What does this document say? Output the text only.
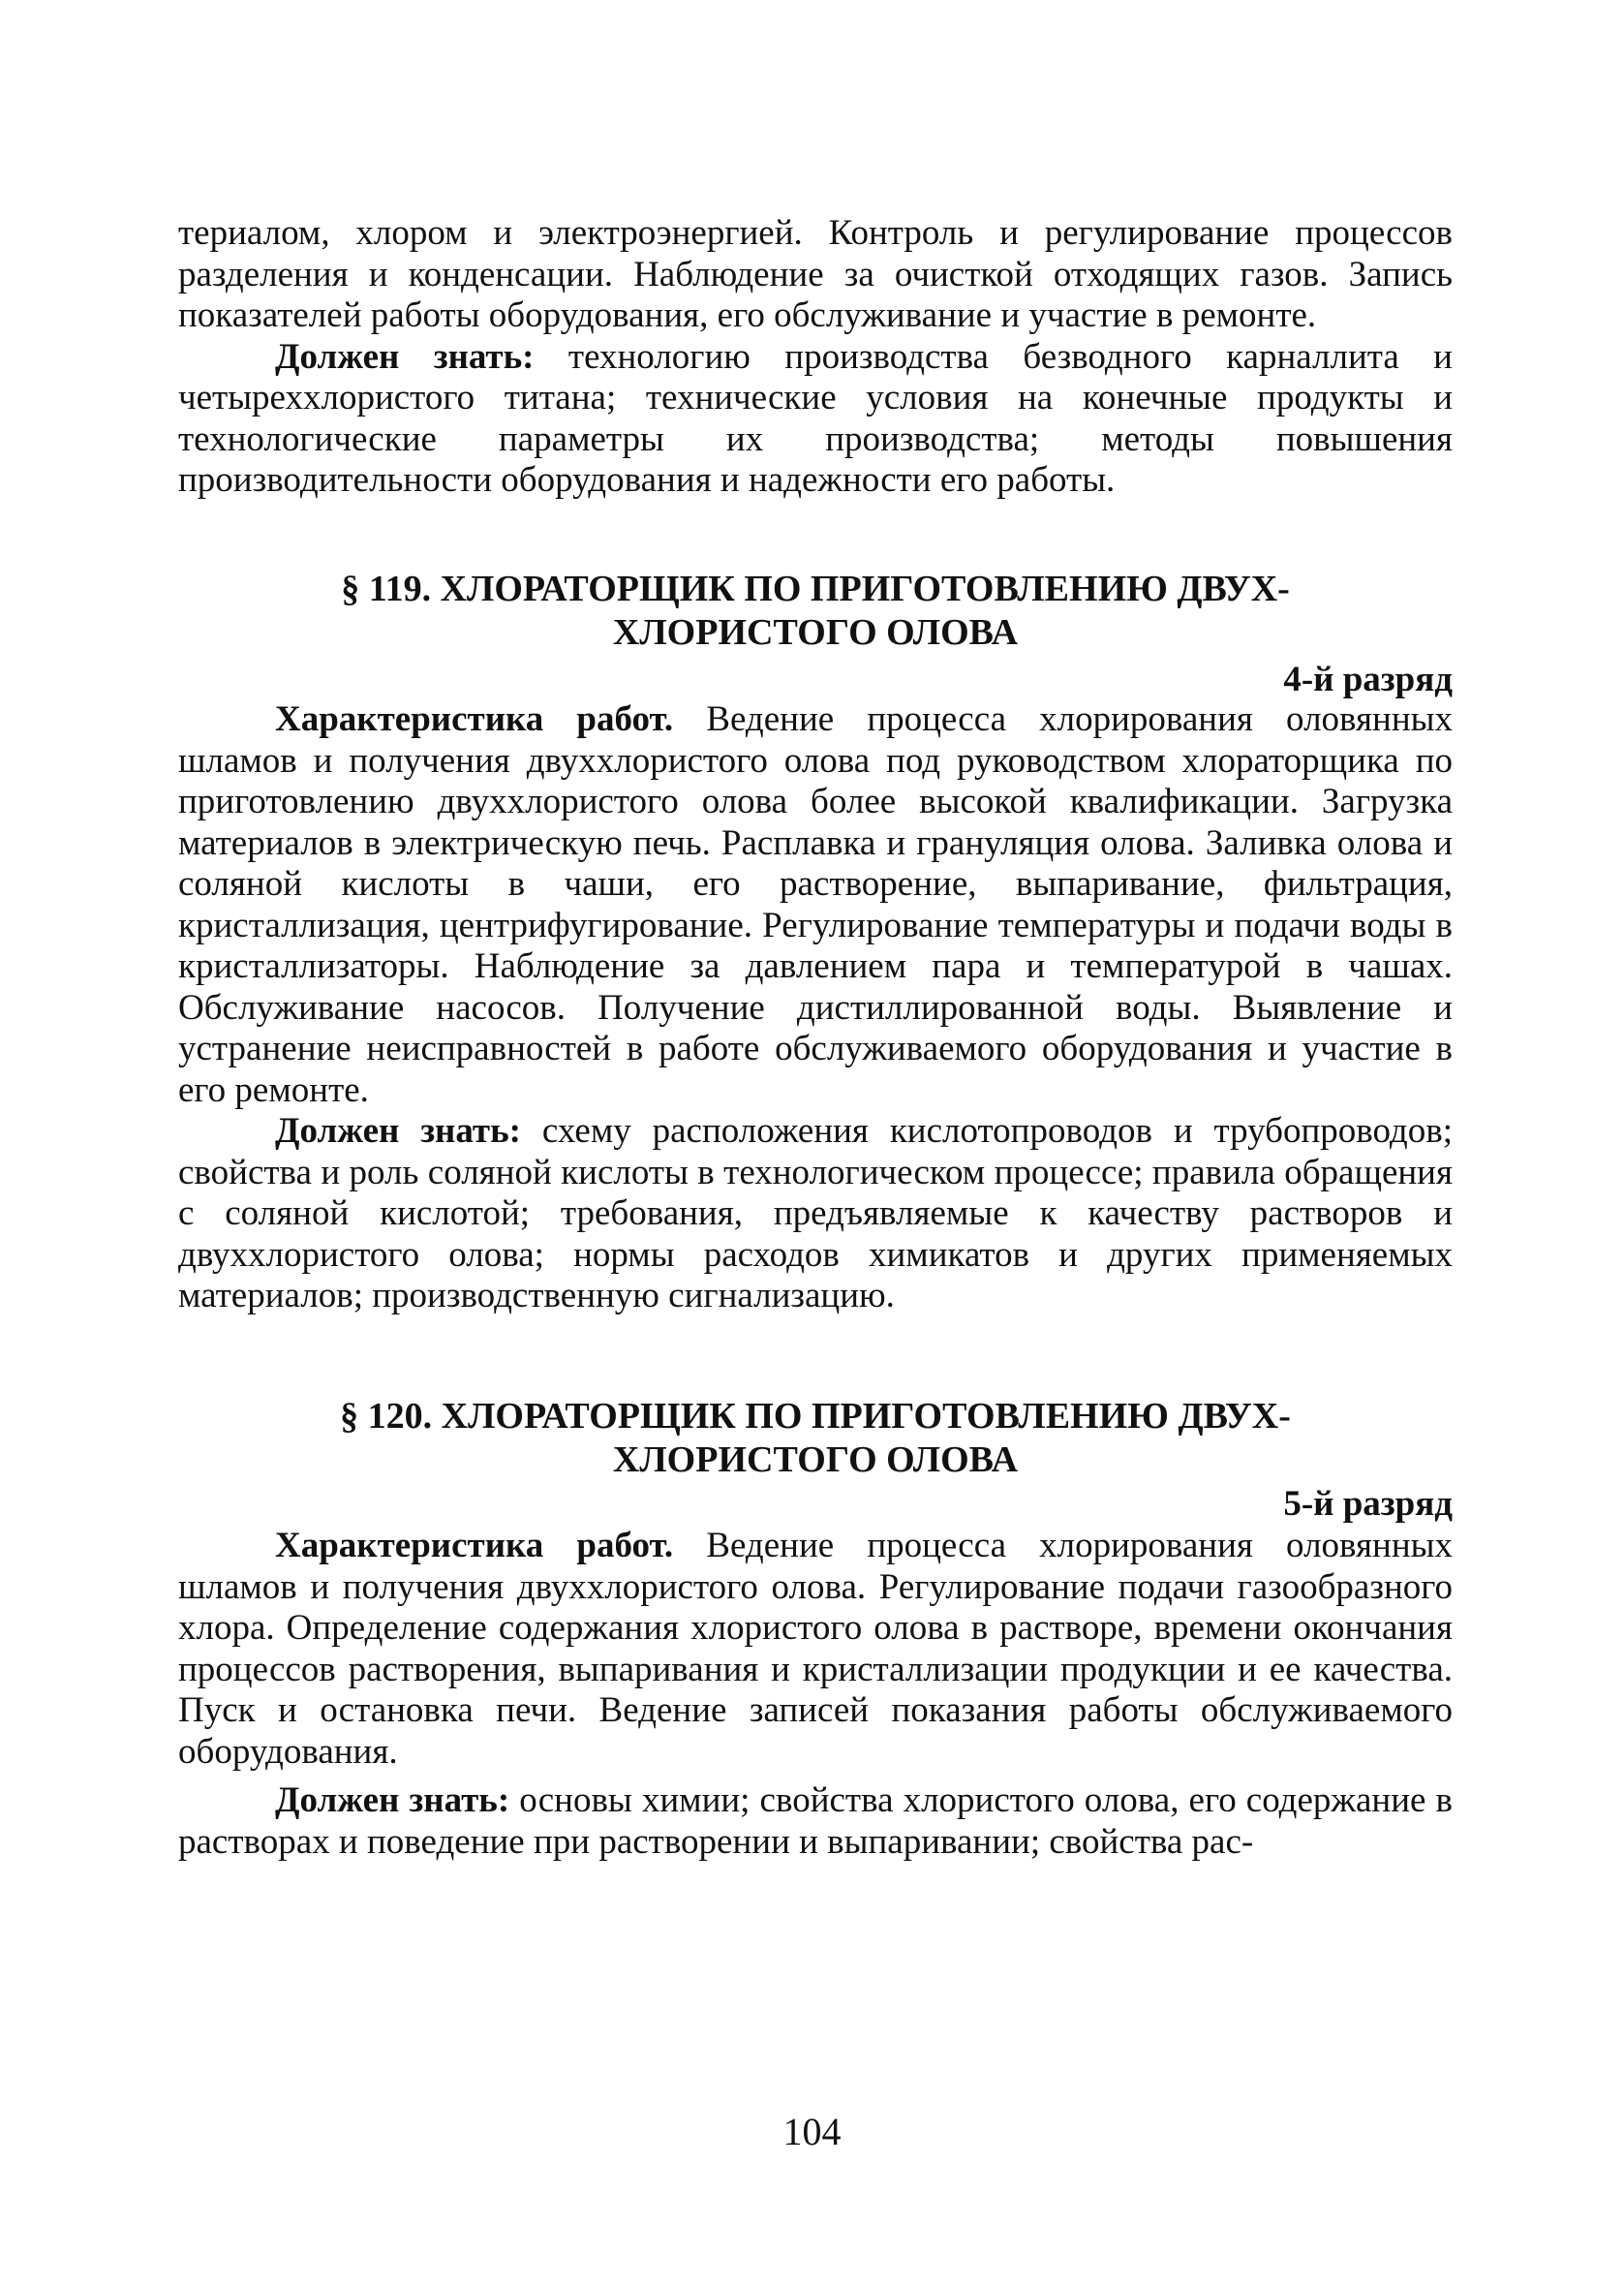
териалом, хлором и электроэнергией. Контроль и регулирование процессов разделения и конденсации. Наблюдение за очисткой отходящих газов. Запись показателей работы оборудования, его обслуживание и участие в ремонте.

Должен знать: технологию производства безводного карналлита и четыреххлористого титана; технические условия на конечные продукты и технологические параметры их производства; методы повышения производительности оборудования и надежности его работы.

§ 119. ХЛОРАТОРЩИК ПО ПРИГОТОВЛЕНИЮ ДВУХ-
ХЛОРИСТОГО ОЛОВА

4-й разряд

Характеристика работ. Ведение процесса хлорирования оловянных шламов и получения двуххлористого олова под руководством хлораторщика по приготовлению двуххлористого олова более высокой квалификации. Загрузка материалов в электрическую печь. Расплавка и грануляция олова. Заливка олова и соляной кислоты в чаши, его растворение, выпаривание, фильтрация, кристаллизация, центрифугирование. Регулирование температуры и подачи воды в кристаллизаторы. Наблюдение за давлением пара и температурой в чашах. Обслуживание насосов. Получение дистиллированной воды. Выявление и устранение неисправностей в работе обслуживаемого оборудования и участие в его ремонте.

Должен знать: схему расположения кислотопроводов и трубопроводов; свойства и роль соляной кислоты в технологическом процессе; правила обращения с соляной кислотой; требования, предъявляемые к качеству растворов и двуххлористого олова; нормы расходов химикатов и других применяемых материалов; производственную сигнализацию.

§ 120. ХЛОРАТОРЩИК ПО ПРИГОТОВЛЕНИЮ ДВУХ-
ХЛОРИСТОГО ОЛОВА

5-й разряд

Характеристика работ. Ведение процесса хлорирования оловянных шламов и получения двуххлористого олова. Регулирование подачи газообразного хлора. Определение содержания хлористого олова в растворе, времени окончания процессов растворения, выпаривания и кристаллизации продукции и ее качества. Пуск и остановка печи. Ведение записей показания работы обслуживаемого оборудования.

Должен знать: основы химии; свойства хлористого олова, его содержание в растворах и поведение при растворении и выпаривании; свойства рас-

104
